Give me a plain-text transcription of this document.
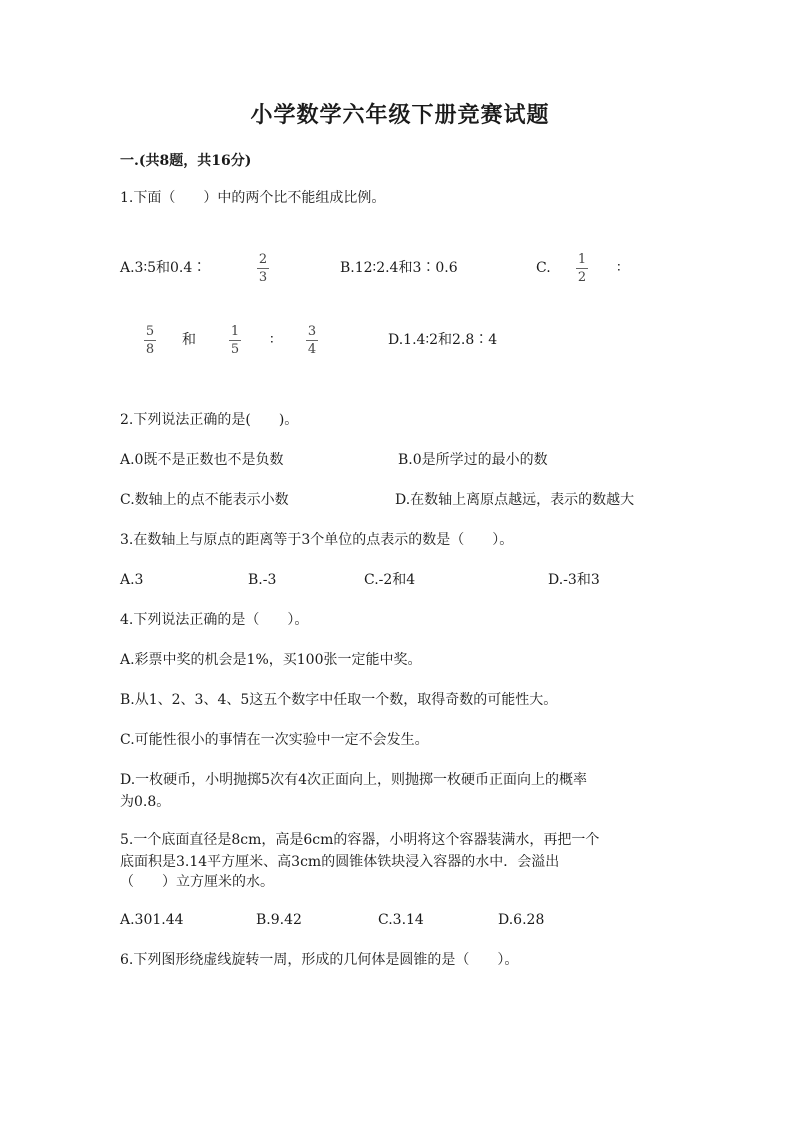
小学数学六年级下册竞赛试题
一.(共8题，共16分)
1.下面（　　）中的两个比不能组成比例。
A.3∶5和0.4∶
2
3
B.12∶2.4和3∶0.6	C.
1
2
∶
5
8
和
1
5
∶
3
4
D.1.4∶2和2.8∶4
2.下列说法正确的是(　　)。
A.0既不是正数也不是负数	B.0是所学过的最小的数
C.数轴上的点不能表示小数	D.在数轴上离原点越远，表示的数越大
3.在数轴上与原点的距离等于3个单位的点表示的数是（　　）。
A.3	B.-3	C.-2和4	D.-3和3
4.下列说法正确的是（　　）。
A.彩票中奖的机会是1%，买100张一定能中奖。
B.从1、2、3、4、5这五个数字中任取一个数，取得奇数的可能性大。
C.可能性很小的事情在一次实验中一定不会发生。
D.一枚硬币，小明抛掷5次有4次正面向上，则抛掷一枚硬币正面向上的概率
为0.8。
5.一个底面直径是8cm，高是6cm的容器，小明将这个容器装满水，再把一个
底面积是3.14平方厘米、高3cm的圆锥体铁块浸入容器的水中．会溢出
（　　）立方厘米的水。
A.301.44	B.9.42	C.3.14	D.6.28
6.下列图形绕虚线旋转一周，形成的几何体是圆锥的是（　　）。
